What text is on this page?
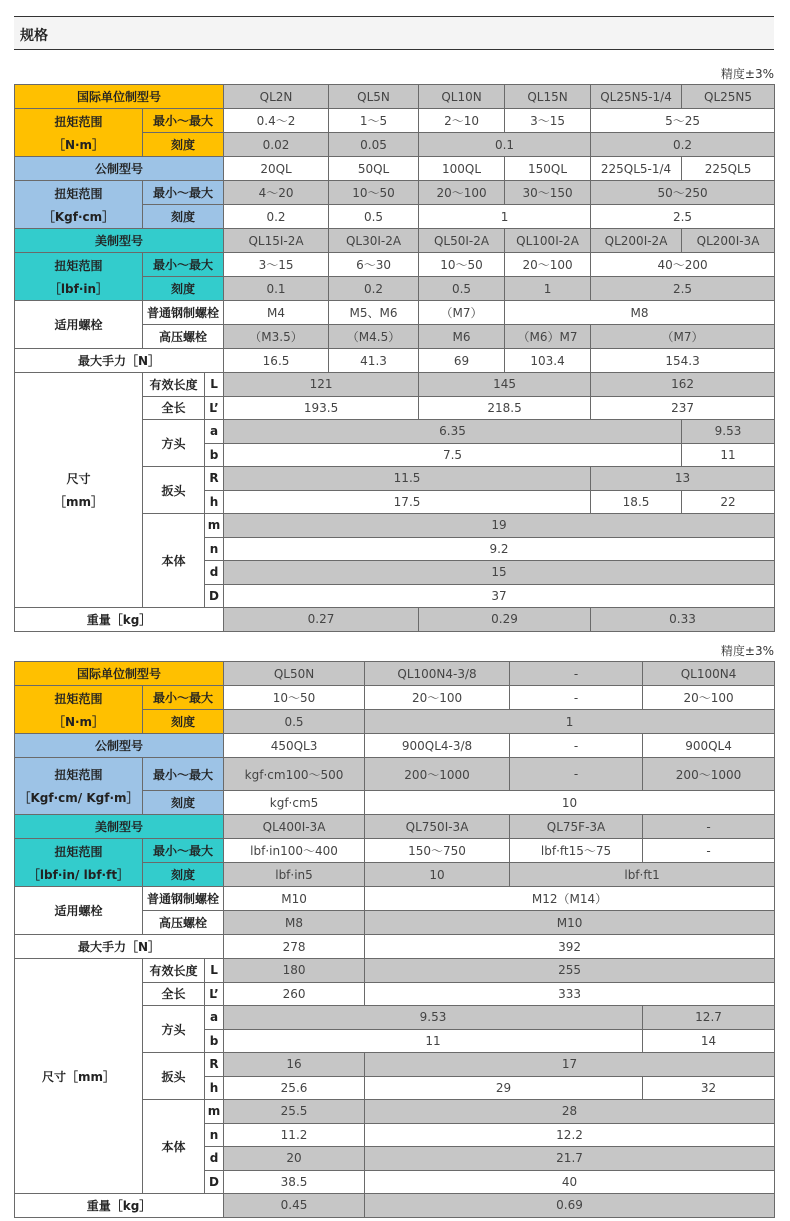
规格
精度±3%
国际单位制型号			QL2N	QL5N	QL10N	QL15N	QL25N5-1/4	QL25N5

扭矩范围
［N·m］	最小～最大		0.4～2	1～5	2～10	3～15	5～25	
	刻度		0.02	0.05	0.1		0.2	
公制型号			20QL	50QL	100QL	150QL	225QL5-1/4	225QL5

扭矩范围
［Kgf·cm］	最小～最大		4～20	10～50	20～100	30～150	50～250	
	刻度		0.2	0.5	1		2.5	
美制型号			QL15I-2A	QL30I-2A	QL50I-2A	QL100I-2A	QL200I-2A	QL200I-3A

扭矩范围
［lbf·in］	最小～最大		3～15	6～30	10～50	20～100	40～200	
	刻度		0.1	0.2	0.5	1	2.5	
适用螺栓	普通钢制螺栓		M4	M5、M6	（M7）	M8		
	高压螺栓		（M3.5）	（M4.5）	M6	（M6）M7	（M7）	
最大手力［N］			16.5	41.3	69	103.4	154.3	

尺寸
［mm］	有效长度	L	121		145		162	
	全长	L’	193.5		218.5		237	
	方头	a	6.35					9.53
		b	7.5					11
	扳头	R	11.5				13	
		h	17.5				18.5	22
	本体	m	19					
		n	9.2					
		d	15					
		D	37					
重量［kg］			0.27		0.29		0.33	
精度±3%
国际单位制型号			QL50N	QL100N4-3/8	-	QL100N4

扭矩范围
［N·m］	最小～最大		10～50	20～100	-	20～100
	刻度		0.5	1		
公制型号			450QL3	900QL4-3/8	-	900QL4

扭矩范围
［Kgf·cm/ Kgf·m］	最小～最大		kgf·cm100～500	200～1000	-	200～1000
	刻度		kgf·cm5	10		
美制型号			QL400I-3A	QL750I-3A	QL75F-3A	-

扭矩范围
［lbf·in/ lbf·ft］	最小～最大		lbf·in100～400	150～750	lbf·ft15～75	-
	刻度		lbf·in5	10	lbf·ft1	
适用螺栓	普通钢制螺栓		M10	M12（M14）		
	高压螺栓		M8	M10		
最大手力［N］			278	392		
尺寸［mm］	有效长度	L	180	255		
	全长	L’	260	333		
	方头	a	9.53			12.7
		b	11			14
	扳头	R	16	17		
		h	25.6	29		32
	本体	m	25.5	28		
		n	11.2	12.2		
		d	20	21.7		
		D	38.5	40		
重量［kg］			0.45	0.69		
